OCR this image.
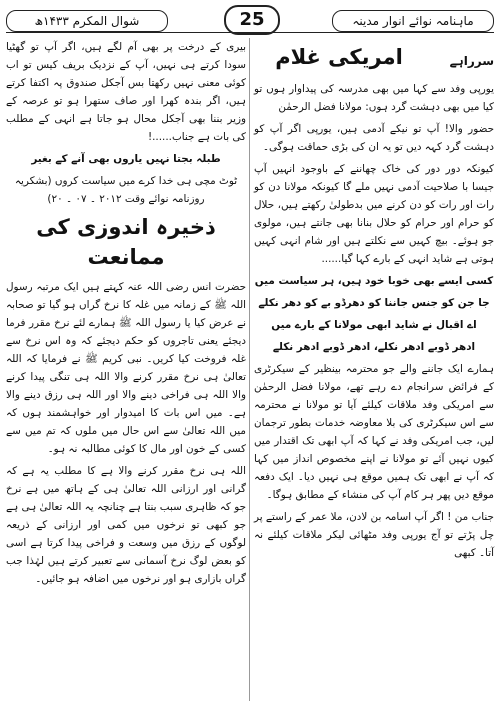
شوال المکرم ۱۴۳۳ھ	25	ماہنامہ نوائے انوار مدینہ
امریکی غلام	سرراہے

یورپی وفد سے کہا میں بھی مدرسہ کی پیداوار ہوں تو کیا میں بھی دہشت گرد ہوں: مولانا فضل الرحمٰن

حضور والا! آپ تو نیکے آدمی ہیں، یورپی اگر آپ کو دہشت گرد کہہ دیں تو یہ ان کی بڑی حماقت ہوگی۔

کیونکہ دور دور کی خاک چھاننے کے باوجود انہیں آپ جیسا با صلاحیت آدمی نہیں ملے گا کیونکہ مولانا دن کو رات اور رات کو دن کرنے میں بدطولیٰ رکھتے ہیں، حلال کو حرام اور حرام کو حلال بنانا بھی جانتے ہیں، مولوی جو ہوئے۔ بیچ کہیں سے نکلتے ہیں اور شام انہی کہیں ہوتی ہے شاید انہی کے بارے کہا گیا......

کسی ایسے بھی خوبا خود ہیں، ہر سیاست میں

جا جن کو جنس جاننا کو دھرڈو بے کو دھر نکلے

اے اقبال نے شاید ابھی مولانا کے بارے میں

ادھر ڈوبے ادھر نکلے، ادھر ڈوبے ادھر نکلے

ہمارے ایک جاننے والے جو محترمہ بینظیر کے سیکرٹری کے فرائض سرانجام دے رہے تھے، مولانا فضل الرحمٰن سے امریکی وفد ملاقات کیلئے آیا تو مولانا نے محترمہ سے اس سیکرٹری کی بلا معاوضہ خدمات بطور ترجمان لیں، جب امریکی وفد نے کہا کہ آپ ابھی تک اقتدار میں کیوں نہیں آئے تو مولانا نے اپنے مخصوص انداز میں کہا کہ آپ نے ابھی تک ہمیں موقع ہی نہیں دیا۔ ایک دفعہ موقع دیں پھر ہر کام آپ کی منشاء کے مطابق ہوگا۔

جناب من ! اگر آپ اسامہ بن لادن، ملا عمر کے راستے پر چل پڑتے تو آج یورپی وفد مٹھائی لیکر ملاقات کیلئے نہ آتا۔ کبھی

بیری کے درخت پر بھی آم لگے ہیں، اگر آپ تو گھٹیا سودا کرتے ہی نہیں، آپ کے نزدیک بریف کیس تو اب کوئی معنی نہیں رکھتا بس آجکل صندوق پہ اکتفا کرتے ہیں، اگر بندہ کھرا اور صاف ستھرا ہو تو عرصہ کے وزیر بننا بھی آجکل محال ہو جاتا ہے انہی کے مطلب کی بات ہے جناب......!

طبلہ بجتا نہیں یاروں بھی آنے کے بغیر

ٹوٹ مچی ہی خدا کرے میں سیاست کروں (بشکریہ روزنامہ نوائے وقت ۲۰۱۲ ۔ ۰۷ ۔ ۲۰)

ذخیرہ اندوزی کی ممانعت

حضرت انس رضی اللہ عنہ کہتے ہیں ایک مرتبہ رسول اللہ ﷺ کے زمانہ میں غلہ کا نرخ گراں ہو گیا تو صحابہ نے عرض کیا یا رسول اللہ ﷺ ہمارے لئے نرخ مقرر فرما دیجئے یعنی تاجروں کو حکم دیجئے کہ وہ اس نرخ سے غلہ فروخت کیا کریں۔ نبی کریم ﷺ نے فرمایا کہ اللہ تعالیٰ ہی نرخ مقرر کرنے والا اللہ ہی تنگی پیدا کرنے والا اللہ ہی فراخی دینے والا اور اللہ ہی رزق دینے والا ہے۔ میں اس بات کا امیدوار اور خواہشمند ہوں کہ میں اللہ تعالیٰ سے اس حال میں ملوں کہ تم میں سے کسی کے خون اور مال کا کوئی مطالبہ نہ ہو۔

اللہ ہی نرخ مقرر کرنے والا ہے کا مطلب یہ ہے کہ گرانی اور ارزانی اللہ تعالیٰ ہی کے ہاتھ میں ہے نرخ جو کہ ظاہری سبب بنتا ہے چنانچہ یہ اللہ تعالیٰ ہی ہے جو کبھی تو نرخوں میں کمی اور ارزانی کے ذریعہ لوگوں کے رزق میں وسعت و فراخی پیدا کرتا ہے اسی کو بعض لوگ نرخ آسمانی سے تعبیر کرتے ہیں لہٰذا جب گراں بازاری ہو اور نرخوں میں اضافہ ہو جائیں۔
